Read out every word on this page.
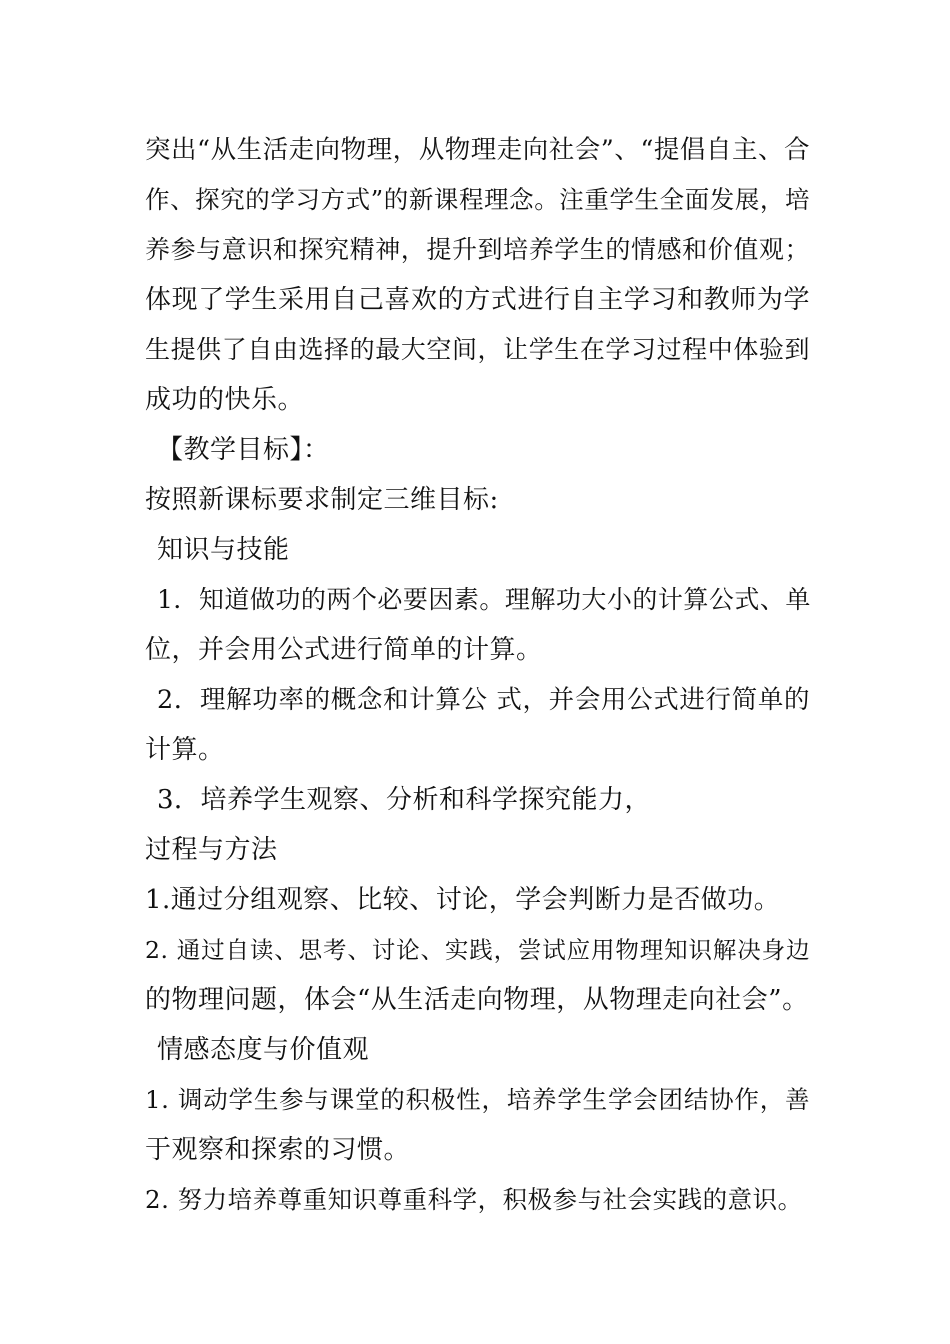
突出“从生活走向物理，从物理走向社会”、“提倡自主、合
作、探究的学习方式”的新课程理念。注重学生全面发展，培
养参与意识和探究精神，提升到培养学生的情感和价值观；
体现了学生采用自己喜欢的方式进行自主学习和教师为学
生提供了自由选择的最大空间，让学生在学习过程中体验到
成功的快乐。
【教学目标】：
按照新课标要求制定三维目标:
知识与技能
1．知道做功的两个必要因素。理解功大小的计算公式、单
位，并会用公式进行简单的计算。
2．理解功率的概念和计算公 式，并会用公式进行简单的
计算。
3．培养学生观察、分析和科学探究能力，
过程与方法
1.通过分组观察、比较、讨论，学会判断力是否做功。
2. 通过自读、思考、讨论、实践，尝试应用物理知识解决身边
的物理问题，体会“从生活走向物理，从物理走向社会”。
情感态度与价值观
1. 调动学生参与课堂的积极性，培养学生学会团结协作，善
于观察和探索的习惯。
2. 努力培养尊重知识尊重科学，积极参与社会实践的意识。
